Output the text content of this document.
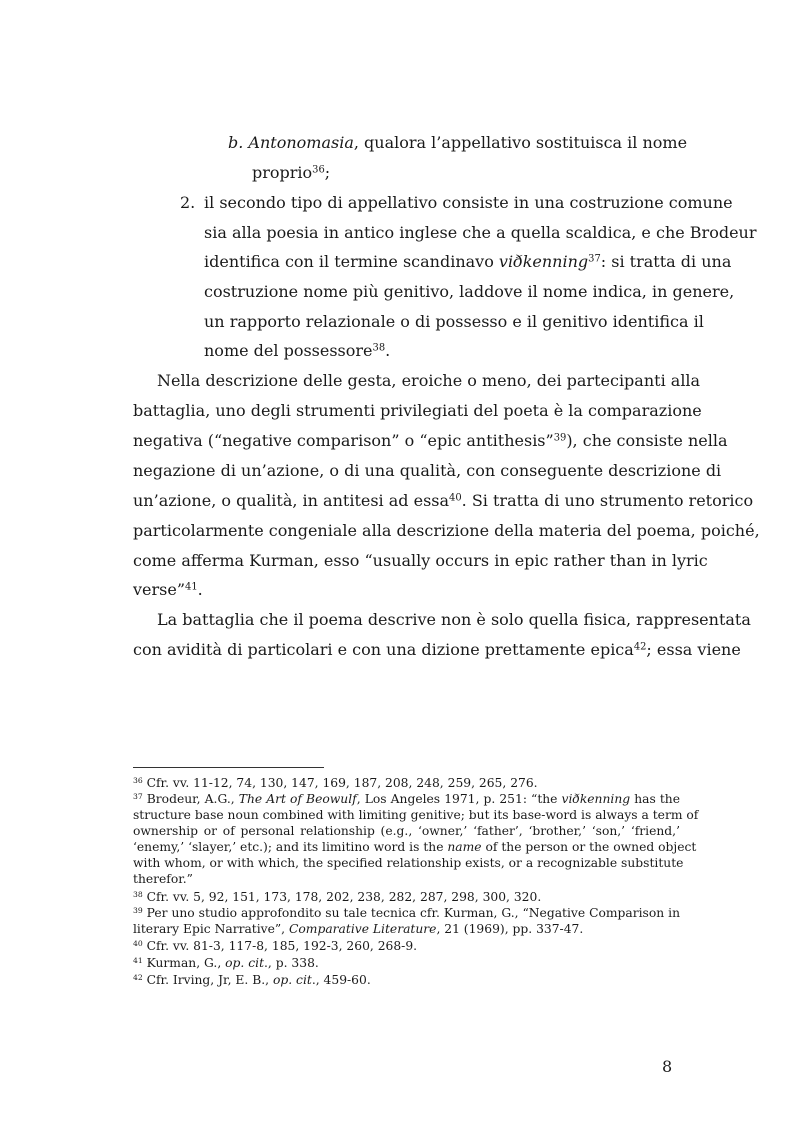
b. Antonomasia, qualora l’appellativo sostituisca il nome

proprio$^{36}$;

2. il secondo tipo di appellativo consiste in una costruzione comune

sia alla poesia in antico inglese che a quella scaldica, e che Brodeur

identifica con il termine scandinavo viðkenning$^{37}$: si tratta di una

costruzione nome più genitivo, laddove il nome indica, in genere,

un rapporto relazionale o di possesso e il genitivo identifica il

nome del possessore$^{38}$.

Nella descrizione delle gesta, eroiche o meno, dei partecipanti alla

battaglia, uno degli strumenti privilegiati del poeta è la comparazione

negativa (“negative comparison” o “epic antithesis”$^{39}$), che consiste nella

negazione di un’azione, o di una qualità, con conseguente descrizione di

un’azione, o qualità, in antitesi ad essa$^{40}$. Si tratta di uno strumento retorico

particolarmente congeniale alla descrizione della materia del poema, poiché,

come afferma Kurman, esso “usually occurs in epic rather than in lyric

verse”$^{41}$.

La battaglia che il poema descrive non è solo quella fisica, rappresentata

con avidità di particolari e con una dizione prettamente epica$^{42}$; essa viene

$^{36}$ Cfr. vv. 11-12, 74, 130, 147, 169, 187, 208, 248, 259, 265, 276.

$^{37}$ Brodeur, A.G., The Art of Beowulf, Los Angeles 1971, p. 251: “the viðkenning has the

structure base noun combined with limiting genitive; but its base-word is always a term of

ownership or of personal relationship (e.g., ‘owner,’ ‘father’, ‘brother,’ ‘son,’ ‘friend,’

‘enemy,’ ‘slayer,’ etc.); and its limitino word is the name of the person or the owned object

with whom, or with which, the specified relationship exists, or a recognizable substitute

therefor.”

$^{38}$ Cfr. vv. 5, 92, 151, 173, 178, 202, 238, 282, 287, 298, 300, 320.

$^{39}$ Per uno studio approfondito su tale tecnica cfr. Kurman, G., “Negative Comparison in

literary Epic Narrative”, Comparative Literature, 21 (1969), pp. 337-47.

$^{40}$ Cfr. vv. 81-3, 117-8, 185, 192-3, 260, 268-9.

$^{41}$ Kurman, G., op. cit., p. 338.

$^{42}$ Cfr. Irving, Jr, E. B., op. cit., 459-60.

8
